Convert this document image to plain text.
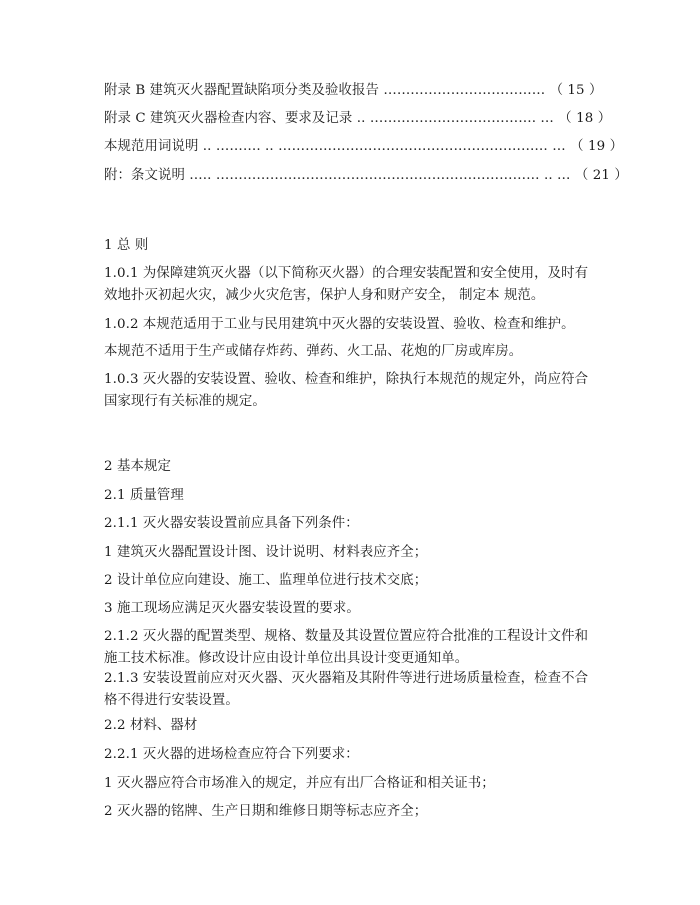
附录 B 建筑灭火器配置缺陷项分类及验收报告 ……………………………… （ 15 ）
附录 C 建筑灭火器检查内容、要求及记录 .. ………………………………. … （ 18 ）
本规范用词说明 .. ………. .. …………………………………………………… … （ 19 ）
附：条文说明 ….. ……………………………………………………………… .. … （ 21 ）
1 总 则
1.0.1 为保障建筑灭火器（以下简称灭火器）的合理安装配置和安全使用，及时有效地扑灭初起火灾，减少火灾危害，保护人身和财产安全， 制定本 规范。
1.0.2 本规范适用于工业与民用建筑中灭火器的安装设置、验收、检查和维护。
本规范不适用于生产或储存炸药、弹药、火工品、花炮的厂房或库房。
1.0.3 灭火器的安装设置、验收、检查和维护，除执行本规范的规定外，尚应符合国家现行有关标准的规定。
2 基本规定
2.1 质量管理
2.1.1 灭火器安装设置前应具备下列条件：
1 建筑灭火器配置设计图、设计说明、材料表应齐全；
2 设计单位应向建设、施工、监理单位进行技术交底；
3 施工现场应满足灭火器安装设置的要求。
2.1.2 灭火器的配置类型、规格、数量及其设置位置应符合批准的工程设计文件和施工技术标准。修改设计应由设计单位出具设计变更通知单。
2.1.3 安装设置前应对灭火器、灭火器箱及其附件等进行进场质量检查，检查不合格不得进行安装设置。
2.2 材料、器材
2.2.1 灭火器的进场检查应符合下列要求：
1 灭火器应符合市场准入的规定，并应有出厂合格证和相关证书；
2 灭火器的铭牌、生产日期和维修日期等标志应齐全；
